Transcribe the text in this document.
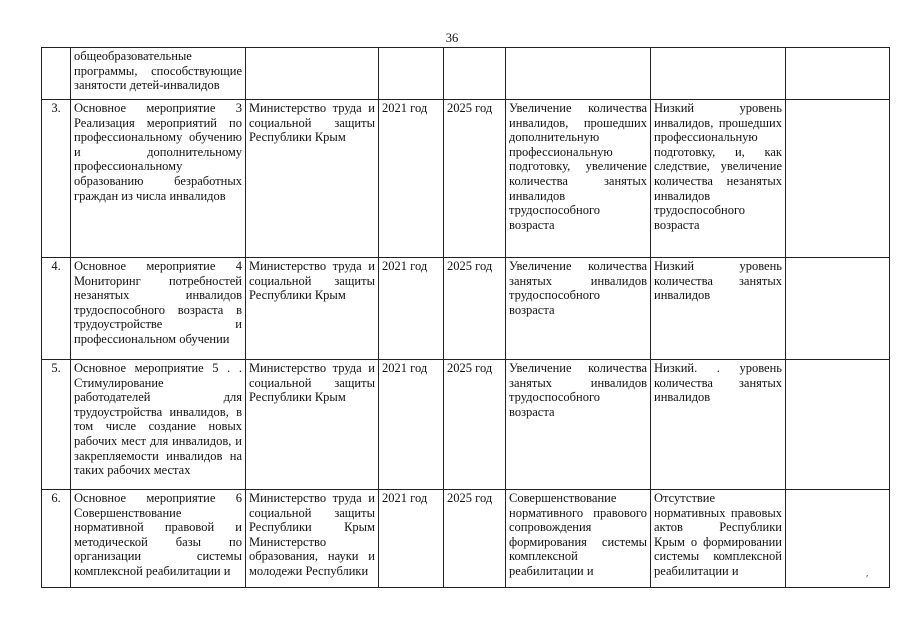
36
	общеобразовательные программы, способствующие занятости детей-инвалидов						
3.	Основное мероприятие 3 Реализация мероприятий по профессиональному обучению и дополнительному профессиональному образованию безработных граждан из числа инвалидов	Министерство труда и социальной защиты Республики Крым	2021 год	2025 год	Увеличение количества инвалидов, прошедших дополнительную профессиональную подготовку, увеличение количества занятых инвалидов трудоспособного возраста	Низкий уровень инвалидов, прошедших профессиональную подготовку, и, как следствие, увеличение количества незанятых инвалидов трудоспособного возраста	
4.	Основное мероприятие 4 Мониторинг потребностей незанятых инвалидов трудоспособного возраста в трудоустройстве и профессиональном обучении	Министерство труда и социальной защиты Республики Крым	2021 год	2025 год	Увеличение количества занятых инвалидов трудоспособного возраста	Низкий уровень количества занятых инвалидов	
5.	Основное мероприятие 5 . . Стимулирование работодателей для трудоустройства инвалидов, в том числе создание новых рабочих мест для инвалидов, и закрепляемости инвалидов на таких рабочих местах	Министерство труда и социальной защиты Республики Крым	2021 год	2025 год	Увеличение количества занятых инвалидов трудоспособного возраста	Низкий. . уровень количества занятых инвалидов	
6.	Основное мероприятие 6 Совершенствование нормативной правовой и методической базы по организации системы комплексной реабилитации и	Министерство труда и социальной защиты Республики Крым Министерство образования, науки и молодежи Республики	2021 год	2025 год	Совершенствование нормативного правового сопровождения формирования системы комплексной реабилитации и	Отсутствие нормативных правовых актов Республики Крым о формировании системы комплексной реабилитации и	
′
